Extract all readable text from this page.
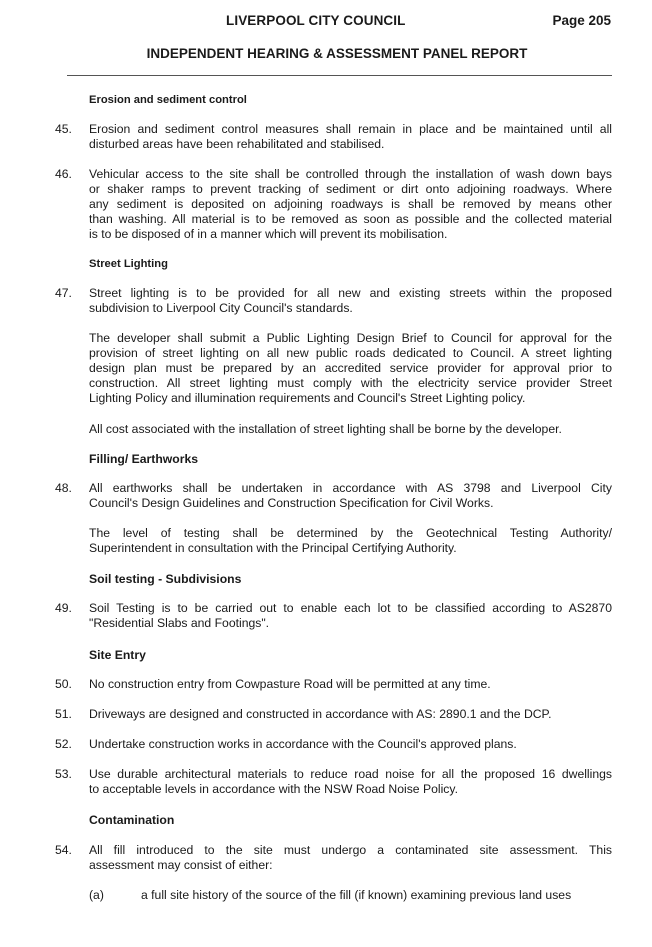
LIVERPOOL CITY COUNCIL	Page 205
INDEPENDENT HEARING & ASSESSMENT PANEL REPORT
Erosion and sediment control
45. Erosion and sediment control measures shall remain in place and be maintained until all
disturbed areas have been rehabilitated and stabilised.
46. Vehicular access to the site shall be controlled through the installation of wash down bays
or shaker ramps to prevent tracking of sediment or dirt onto adjoining roadways. Where
any sediment is deposited on adjoining roadways is shall be removed by means other
than washing. All material is to be removed as soon as possible and the collected material
is to be disposed of in a manner which will prevent its mobilisation.
Street Lighting
47. Street lighting is to be provided for all new and existing streets within the proposed
subdivision to Liverpool City Council's standards.
The developer shall submit a Public Lighting Design Brief to Council for approval for the
provision of street lighting on all new public roads dedicated to Council. A street lighting
design plan must be prepared by an accredited service provider for approval prior to
construction. All street lighting must comply with the electricity service provider Street
Lighting Policy and illumination requirements and Council's Street Lighting policy.
All cost associated with the installation of street lighting shall be borne by the developer.
Filling/ Earthworks
48. All earthworks shall be undertaken in accordance with AS 3798 and Liverpool City
Council's Design Guidelines and Construction Specification for Civil Works.
The level of testing shall be determined by the Geotechnical Testing Authority/
Superintendent in consultation with the Principal Certifying Authority.
Soil testing - Subdivisions
49. Soil Testing is to be carried out to enable each lot to be classified according to AS2870
"Residential Slabs and Footings".
Site Entry
50. No construction entry from Cowpasture Road will be permitted at any time.
51. Driveways are designed and constructed in accordance with AS: 2890.1 and the DCP.
52. Undertake construction works in accordance with the Council's approved plans.
53. Use durable architectural materials to reduce road noise for all the proposed 16 dwellings
to acceptable levels in accordance with the NSW Road Noise Policy.
Contamination
54. All fill introduced to the site must undergo a contaminated site assessment. This
assessment may consist of either:
(a)	a full site history of the source of the fill (if known) examining previous land uses
